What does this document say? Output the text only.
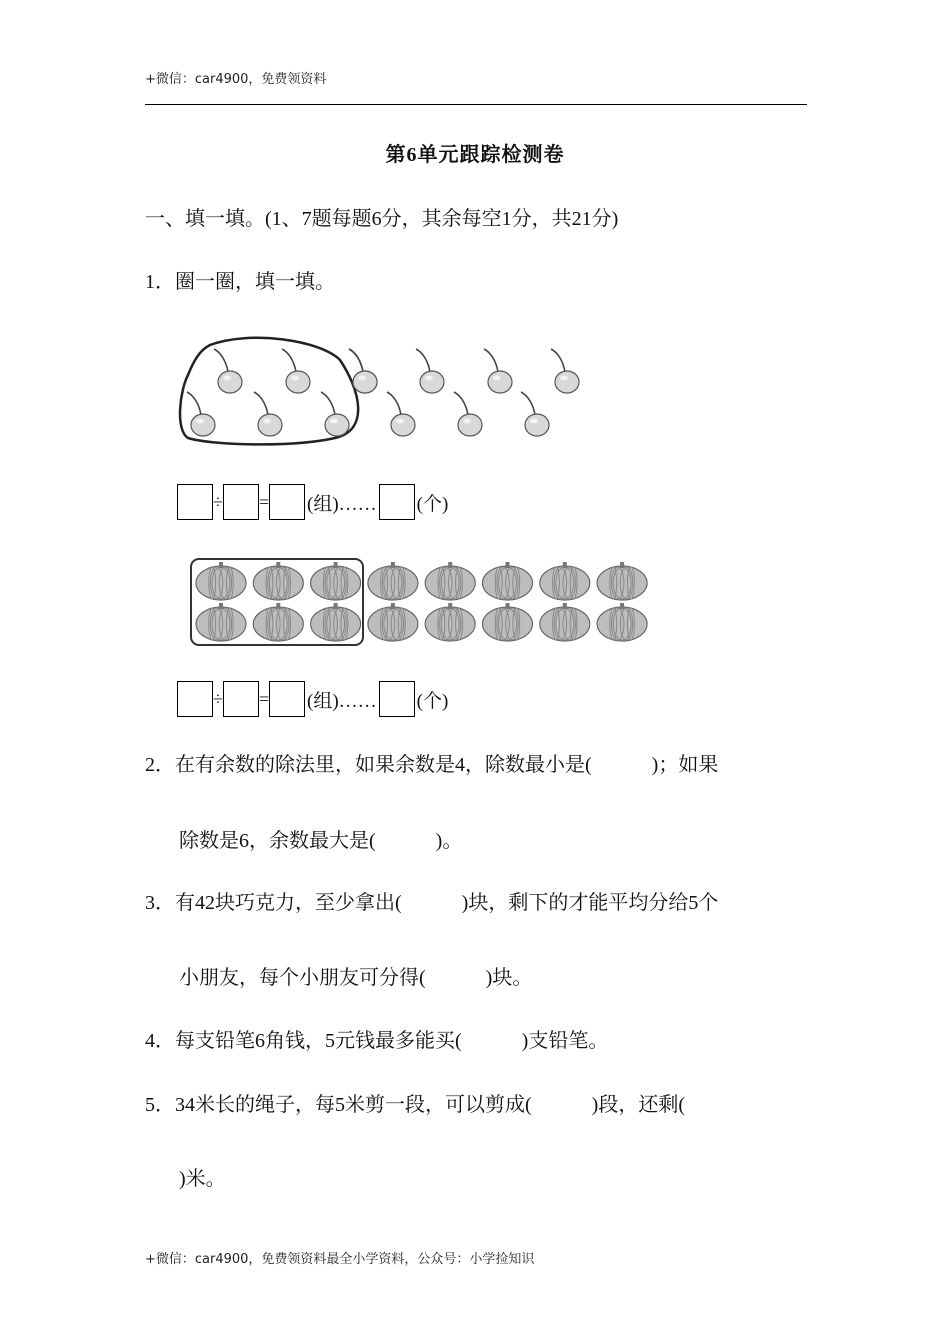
+微信：car4900，免费领资料
第6单元跟踪检测卷
一、填一填。(1、7题每题6分，其余每空1分，共21分)
1．圈一圈，填一填。
÷ = (组)…… (个)
÷ = (组)…… (个)
2．在有余数的除法里，如果余数是4，除数最小是(　　　)；如果
除数是6，余数最大是(　　　)。
3．有42块巧克力，至少拿出(　　　)块，剩下的才能平均分给5个
小朋友，每个小朋友可分得(　　　)块。
4．每支铅笔6角钱，5元钱最多能买(　　　)支铅笔。
5．34米长的绳子，每5米剪一段，可以剪成(　　　)段，还剩(
)米。
+微信：car4900，免费领资料最全小学资料，公众号：小学捡知识
